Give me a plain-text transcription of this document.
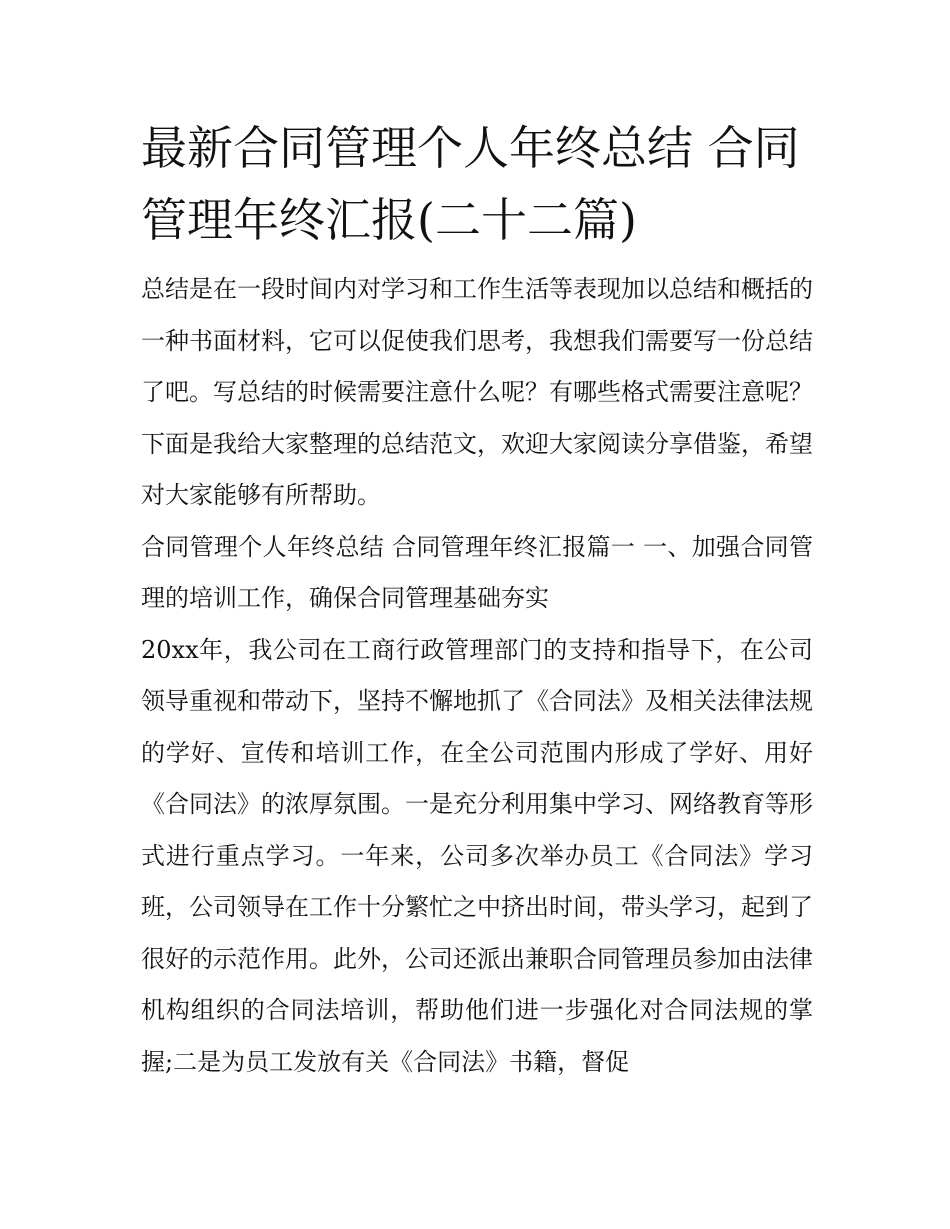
最新合同管理个人年终总结 合同管理年终汇报(二十二篇)

总结是在一段时间内对学习和工作生活等表现加以总结和概括的一种书面材料，它可以促使我们思考，我想我们需要写一份总结了吧。写总结的时候需要注意什么呢？有哪些格式需要注意呢？下面是我给大家整理的总结范文，欢迎大家阅读分享借鉴，希望对大家能够有所帮助。

合同管理个人年终总结 合同管理年终汇报篇一 一、加强合同管理的培训工作，确保合同管理基础夯实

20xx年，我公司在工商行政管理部门的支持和指导下，在公司领导重视和带动下，坚持不懈地抓了《合同法》及相关法律法规的学好、宣传和培训工作，在全公司范围内形成了学好、用好《合同法》的浓厚氛围。一是充分利用集中学习、网络教育等形式进行重点学习。一年来，公司多次举办员工《合同法》学习班，公司领导在工作十分繁忙之中挤出时间，带头学习，起到了很好的示范作用。此外，公司还派出兼职合同管理员参加由法律机构组织的合同法培训，帮助他们进一步强化对合同法规的掌握;二是为员工发放有关《合同法》书籍，督促
